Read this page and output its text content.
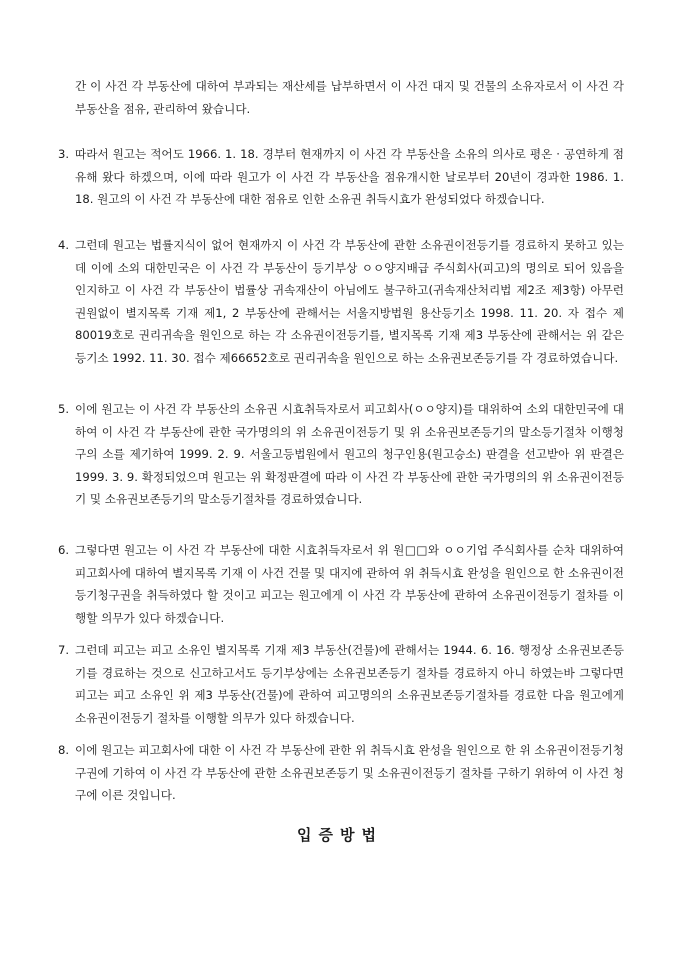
간 이 사건 각 부동산에 대하여 부과되는 재산세를 납부하면서 이 사건 대지 및 건물의 소유자로서 이 사건 각 부동산을 점유, 관리하여 왔습니다.
3. 따라서 원고는 적어도 1966. 1. 18. 경부터 현재까지 이 사건 각 부동산을 소유의 의사로 평온 · 공연하게 점유해 왔다 하겠으며, 이에 따라 원고가 이 사건 각 부동산을 점유개시한 날로부터 20년이 경과한 1986. 1. 18. 원고의 이 사건 각 부동산에 대한 점유로 인한 소유권 취득시효가 완성되었다 하겠습니다.
4. 그런데 원고는 법률지식이 없어 현재까지 이 사건 각 부동산에 관한 소유권이전등기를 경료하지 못하고 있는데 이에 소외 대한민국은 이 사건 각 부동산이 등기부상 ㅇㅇ양지배급 주식회사(피고)의 명의로 되어 있음을 인지하고 이 사건 각 부동산이 법률상 귀속재산이 아님에도 불구하고(귀속재산처리법 제2조 제3항) 아무런 권원없이 별지목록 기재 제1, 2 부동산에 관해서는 서울지방법원 용산등기소 1998. 11. 20. 자 접수 제80019호로 권리귀속을 원인으로 하는 각 소유권이전등기를, 별지목록 기재 제3 부동산에 관해서는 위 같은 등기소 1992. 11. 30. 접수 제66652호로 권리귀속을 원인으로 하는 소유권보존등기를 각 경료하였습니다.
5. 이에 원고는 이 사건 각 부동산의 소유권 시효취득자로서 피고회사(ㅇㅇ양지)를 대위하여 소외 대한민국에 대하여 이 사건 각 부동산에 관한 국가명의의 위 소유권이전등기 및 위 소유권보존등기의 말소등기절차 이행청구의 소를 제기하여 1999. 2. 9. 서울고등법원에서 원고의 청구인용(원고승소) 판결을 선고받아 위 판결은 1999. 3. 9. 확정되었으며 원고는 위 확정판결에 따라 이 사건 각 부동산에 관한 국가명의의 위 소유권이전등기 및 소유권보존등기의 말소등기절차를 경료하였습니다.
6. 그렇다면 원고는 이 사건 각 부동산에 대한 시효취득자로서 위 원□□와 ㅇㅇ기업 주식회사를 순차 대위하여 피고회사에 대하여 별지목록 기재 이 사건 건물 및 대지에 관하여 위 취득시효 완성을 원인으로 한 소유권이전등기청구권을 취득하였다 할 것이고 피고는 원고에게 이 사건 각 부동산에 관하여 소유권이전등기 절차를 이행할 의무가 있다 하겠습니다.
7. 그런데 피고는 피고 소유인 별지목록 기재 제3 부동산(건물)에 관해서는 1944. 6. 16. 행정상 소유권보존등기를 경료하는 것으로 신고하고서도 등기부상에는 소유권보존등기 절차를 경료하지 아니 하였는바 그렇다면 피고는 피고 소유인 위 제3 부동산(건물)에 관하여 피고명의의 소유권보존등기절차를 경료한 다음 원고에게 소유권이전등기 절차를 이행할 의무가 있다 하겠습니다.
8. 이에 원고는 피고회사에 대한 이 사건 각 부동산에 관한 위 취득시효 완성을 원인으로 한 위 소유권이전등기청구권에 기하여 이 사건 각 부동산에 관한 소유권보존등기 및 소유권이전등기 절차를 구하기 위하여 이 사건 청구에 이른 것입니다.
입증방법
